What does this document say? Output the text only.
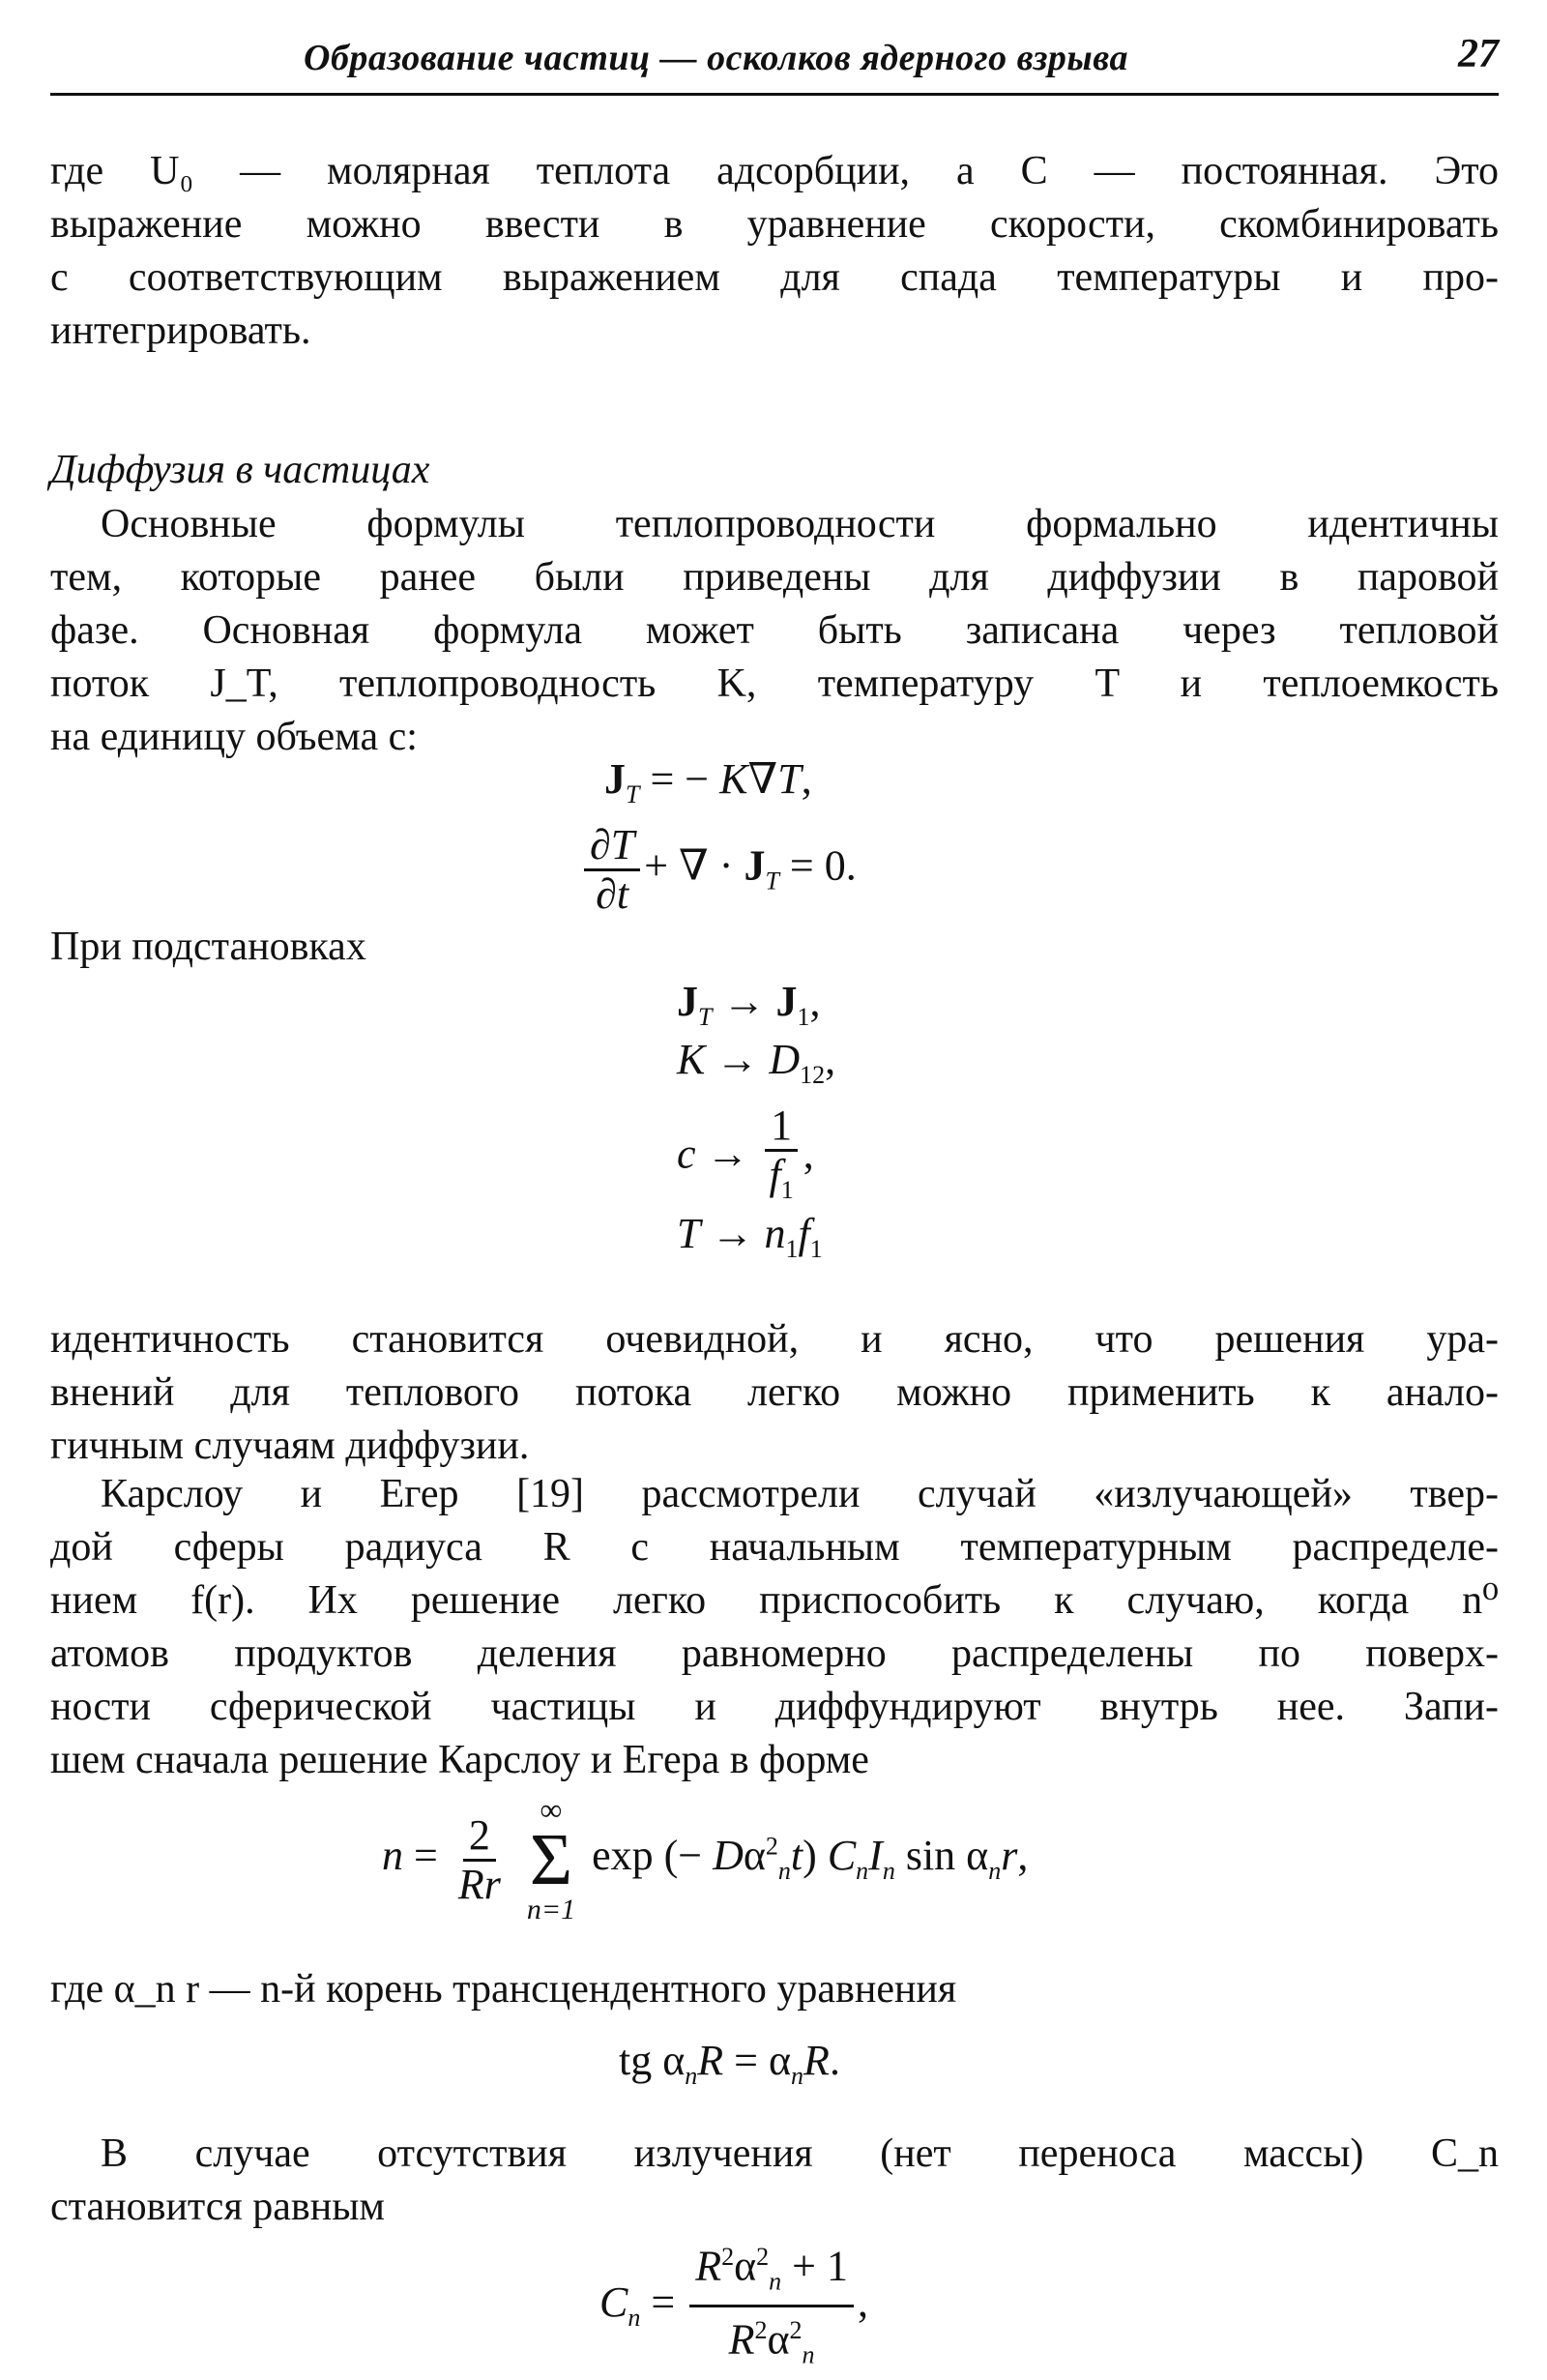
Образование частиц — осколков ядерного взрыва	27
где U₀ — молярная теплота адсорбции, а C — постоянная. Это
выражение можно ввести в уравнение скорости, скомбинировать
с соответствующим выражением для спада температуры и про-
интегрировать.
Диффузия в частицах
Основные формулы теплопроводности формально идентичны
тем, которые ранее были приведены для диффузии в паровой
фазе. Основная формула может быть записана через тепловой
поток J_T, теплопроводность K, температуру T и теплоемкость
на единицу объема c:
$J_T$ = − K∇T,
$\frac{\partial T}{\partial t}$ + ∇ · $J_T = 0$.
При подстановках
$J_T \to J_1$,
$K \to D_{12}$,
$c \to \frac{1}{f_1}$ ,
$T \to n_1f_1$
идентичность становится очевидной, и ясно, что решения ура-
внений для теплового потока легко можно применить к анало-
гичным случаям диффузии.
Карслоу и Егер [19] рассмотрели случай «излучающей» твер-
дой сферы радиуса R с начальным температурным распределе-
нием f(r). Их решение легко приспособить к случаю, когда n⁰
атомов продуктов деления равномерно распределены по поверх-
ности сферической частицы и диффундируют внутрь нее. Запи-
шем сначала решение Карслоу и Егера в форме
$n = \frac{2}{Rr}$

∞
Σ
n=1
exp (− $D\alpha^2_nt$) $C_nI_n$ $\sin \alpha_nr$,
где α_n r — n-й корень трансцендентного уравнения
tg $\alpha_nR = \alpha_nR$.
В случае отсутствия излучения (нет переноса массы) C_n
становится равным
$C_n = \frac{R^2\alpha^2_n + 1}{R^2\alpha^2_n}$ ,
